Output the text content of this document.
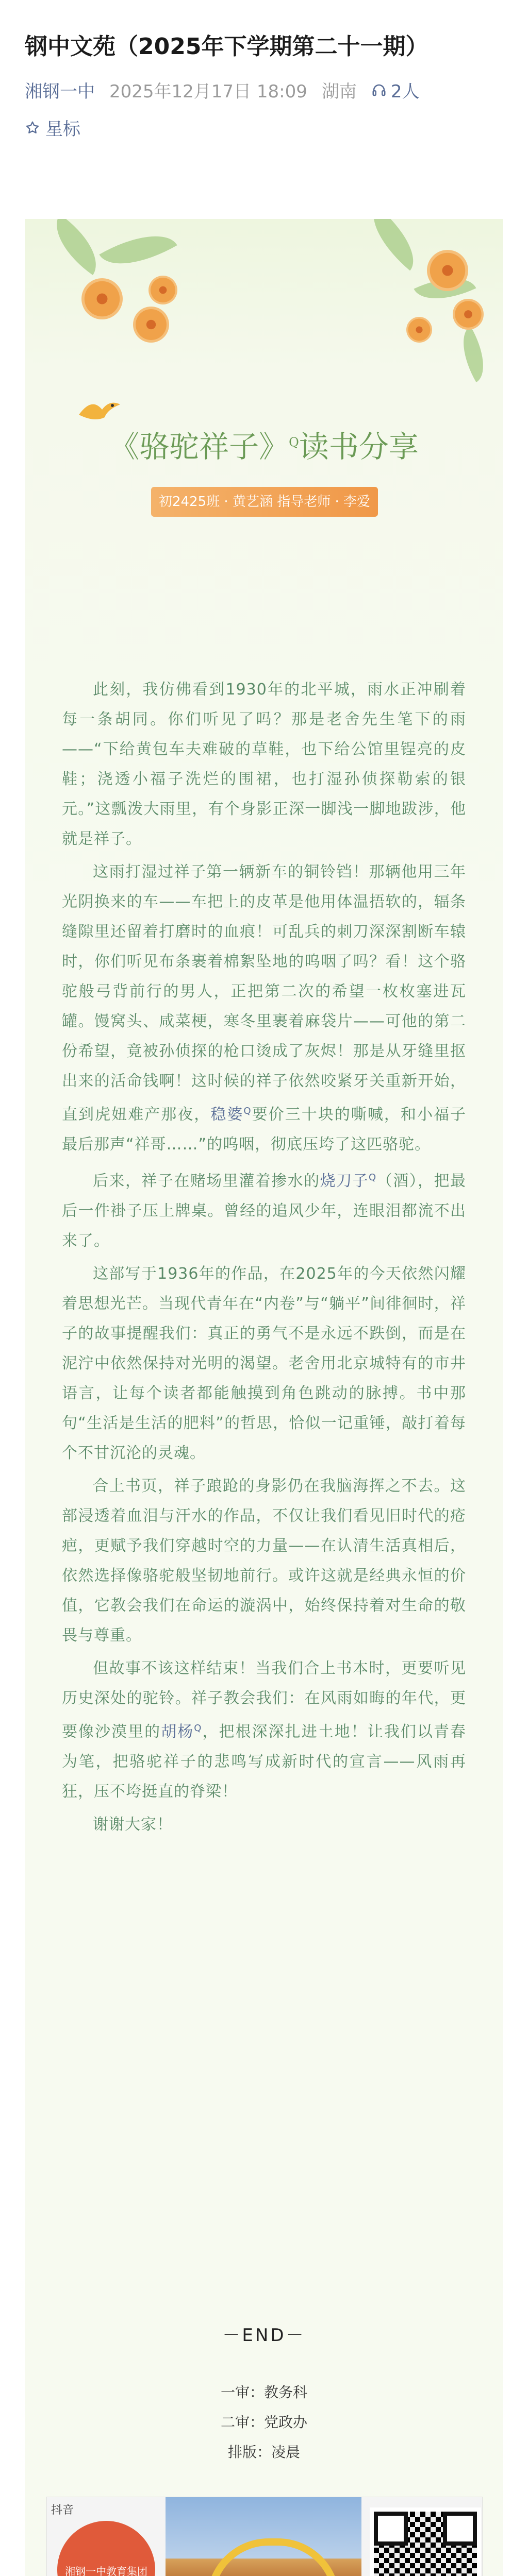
钢中文苑（2025年下学期第二十一期）
湘钢一中 2025年12月17日 18:09 湖南 2人
星标
《骆驼祥子》$^Q$读书分享
初2425班 · 黄艺涵 指导老师 · 李爱

此刻，我仿佛看到1930年的北平城，雨水正冲刷着每一条胡同。你们听见了吗？那是老舍先生笔下的雨——“下给黄包车夫难破的草鞋，也下给公馆里锃亮的皮鞋；浇透小福子洗烂的围裙，也打湿孙侦探勒索的银元。”这瓢泼大雨里，有个身影正深一脚浅一脚地跋涉，他就是祥子。

这雨打湿过祥子第一辆新车的铜铃铛！那辆他用三年光阴换来的车——车把上的皮革是他用体温捂软的，辐条缝隙里还留着打磨时的血痕！可乱兵的刺刀深深割断车辕时，你们听见布条裹着棉絮坠地的呜咽了吗？看！这个骆驼般弓背前行的男人，正把第二次的希望一枚枚塞进瓦罐。馒窝头、咸菜梗，寒冬里裹着麻袋片——可他的第二份希望，竟被孙侦探的枪口烫成了灰烬！那是从牙缝里抠出来的活命钱啊！这时候的祥子依然咬紧牙关重新开始，直到虎妞难产那夜，稳婆$^Q$要价三十块的嘶喊，和小福子最后那声“祥哥……”的呜咽，彻底压垮了这匹骆驼。

后来，祥子在赌场里灌着掺水的烧刀子$^Q$（酒），把最后一件褂子压上牌桌。曾经的追风少年，连眼泪都流不出来了。

这部写于1936年的作品，在2025年的今天依然闪耀着思想光芒。当现代青年在“内卷”与“躺平”间徘徊时，祥子的故事提醒我们：真正的勇气不是永远不跌倒，而是在泥泞中依然保持对光明的渴望。老舍用北京城特有的市井语言，让每个读者都能触摸到角色跳动的脉搏。书中那句“生活是生活的肥料”的哲思，恰似一记重锤，敲打着每个不甘沉沦的灵魂。

合上书页，祥子踉跄的身影仍在我脑海挥之不去。这部浸透着血泪与汗水的作品，不仅让我们看见旧时代的疮疤，更赋予我们穿越时空的力量——在认清生活真相后，依然选择像骆驼般坚韧地前行。或许这就是经典永恒的价值，它教会我们在命运的漩涡中，始终保持着对生命的敬畏与尊重。

但故事不该这样结束！当我们合上书本时，更要听见历史深处的驼铃。祥子教会我们：在风雨如晦的年代，更要像沙漠里的胡杨$^Q$，把根深深扎进土地！让我们以青春为笔，把骆驼祥子的悲鸣写成新时代的宣言——风雨再狂，压不垮挺直的脊梁！

谢谢大家！

－END－
一审：教务科
二审：党政办
排版：凌晨
抖音
湘钢一中教育集团
